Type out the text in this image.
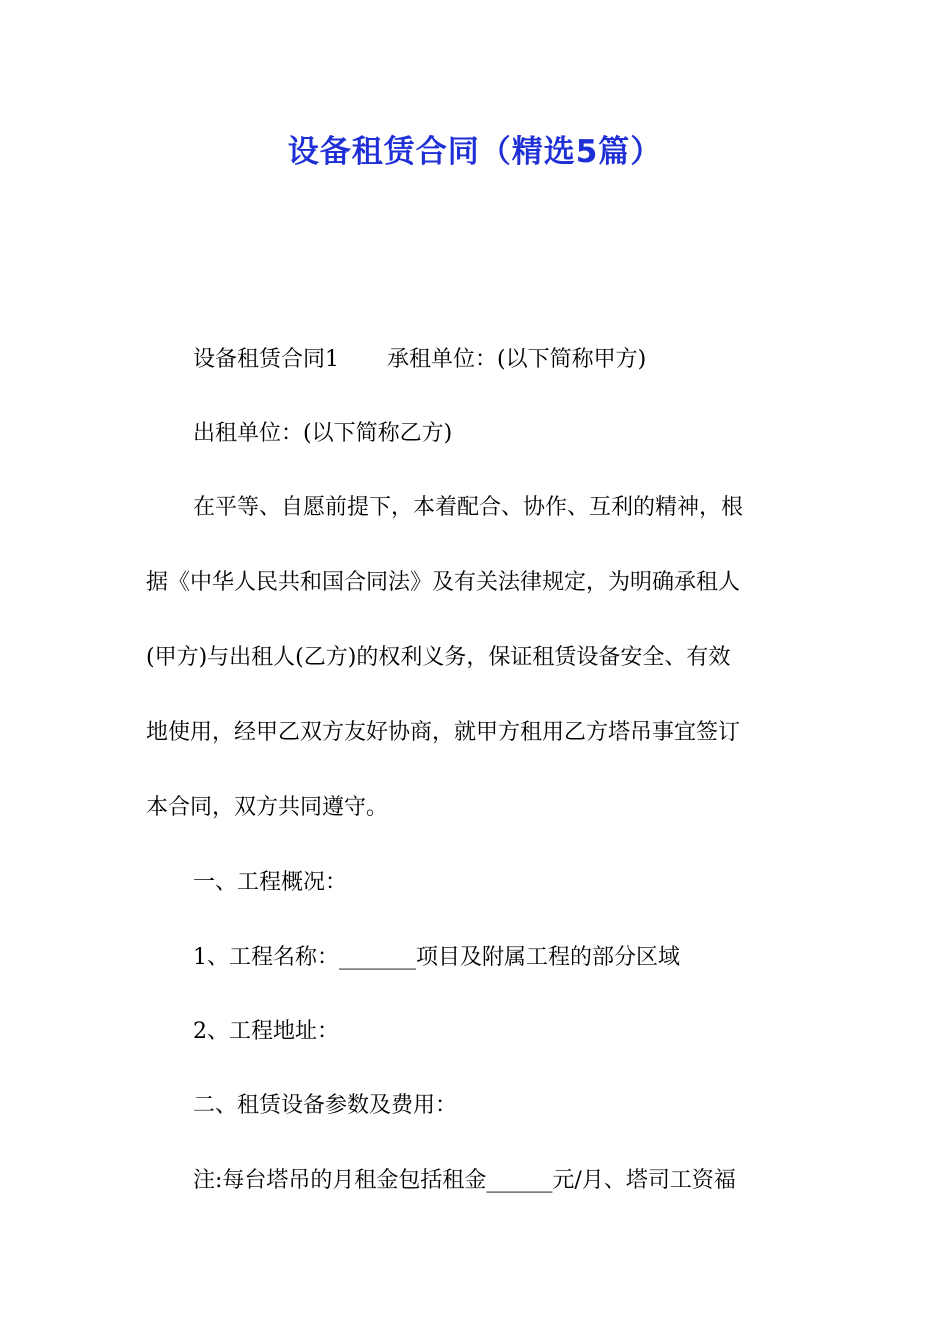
设备租赁合同（精选5篇）
设备租赁合同1 承租单位：(以下简称甲方)
出租单位：(以下简称乙方)
在平等、自愿前提下，本着配合、协作、互利的精神，根
据《中华人民共和国合同法》及有关法律规定，为明确承租人
(甲方)与出租人(乙方)的权利义务，保证租赁设备安全、有效
地使用，经甲乙双方友好协商，就甲方租用乙方塔吊事宜签订
本合同，双方共同遵守。
一、工程概况：
1、工程名称：_______项目及附属工程的部分区域
2、工程地址：
二、租赁设备参数及费用：
注:每台塔吊的月租金包括租金______元/月、塔司工资福
